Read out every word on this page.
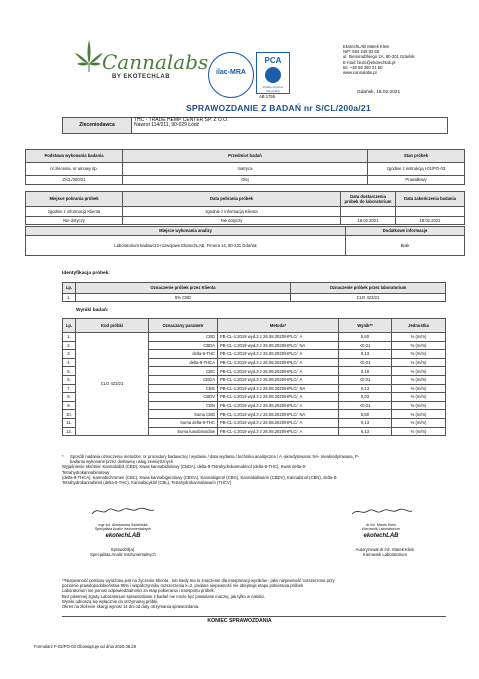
Cannalabs
BY EKOTECHLAB
ilac-MRA
PCA
Polskie Centrum Akredytacji
AB 1755
EkotechLAB Marek Klein
NIP: 584 245 93 68
ul. Siemiradzkiego 2A, 80-301 Gdańsk
E-mail: biuro@ekotechlab.pl
tel. +48 58 380 01 50
www.cannalabs.pl
Gdańsk, 18.02.2021
SPRAWOZDANIE Z BADAŃ nr S/CL/200a/21
Zleceniodawca	
THC - TRADE HEMP CENTER SP. Z O.O.
Nawrot 114/211, 90-029 Łódź
Podstawa wykonania badania	Przedmiot badań	Stan próbek
nr zlecenia, nr umowy itp.	matryca	zgodnie z instrukcją I-01/PO-03
Z/CL/200/21	Olej	Prawidłowy
Miejsce pobrania próbek	Data pobrania próbek	Data dostarczenia próbek do laboratorium	Data zakończenia badania
zgodnie z informacją Klienta	zgodnie z informacją Klienta		
Nie dotyczy	Nie dotyczy	18.02.2021	18.02.2021
Miejsce wykonania analizy	Dodatkowe informacje
Laboratorium badawczo-rozwojowe EkotechLAB, Firoera 14, 80-231 Gdańsk	Brak
Identyfikacja próbek:
Lp.	Oznaczenie próbek przez Klienta	Oznaczenie próbek przez laboratorium
1.	5% CBD	CLO 423/21
Wyniki badań:
Lp.	Kod próbki	Oznaczany parametr	Metoda*	Wynik**	Jednostka
1.	CLO 423/21	CBD	PB-CL-1:2019 wyd.3 z 26.08.2020/HPLC/ A	5,60	% (m/m)
2.		CBDA	PB-CL-1:2019 wyd.3 z 26.08.2020/HPLC/ NA	<0,01	% (m/m)
3.		delta-9-THC	PB-CL-1:2019 wyd.3 z 26.08.2020/HPLC/ A	0,13	% (m/m)
4.		delta-9-THCA	PB-CL-1:2019 wyd.3 z 26.08.2020/HPLC/ A	<0,01	% (m/m)
5.		CBC	PB-CL-1:2019 wyd.3 z 26.08.2020/HPLC/ A	0,19	% (m/m)
6.		CBGA	PB-CL-1:2019 wyd.3 z 26.08.2020/HPLC/ A	<0,01	% (m/m)
7.		CBG	PB-CL-1:2019 wyd.3 z 26.08.2020/HPLC/ NA	0,13	% (m/m)
8.		CBDV	PB-CL-1:2019 wyd.3 z 26.08.2020/HPLC/ A	0,03	% (m/m)
9.		CBN	PB-CL-1:2019 wyd.3 z 26.08.2020/HPLC/ A	<0,01	% (m/m)
10.		Suma CBD	PB-CL-1:2019 wyd.3 z 26.08.2020/HPLC/ NA	5,60	% (m/m)
11.		Suma delta-9-THC	PB-CL-1:2019 wyd.3 z 26.08.2020/HPLC/ A	0,13	% (m/m)
12.		Suma kanabinoidów	PB-CL-1:2019 wyd.3 z 26.08.2020/HPLC/ A	6,13	% (m/m)
*	Sposób nadania oznaczenia metodzie: nr procedury badawczej / wydanie / data wydania / technika analityczna / A -akredytowana; NA- nieakredytowana, P-
badania wykonane przez dostawcę usług zewnętrznych
Wyjaśnienie skrótów: Kannabidiol (CBD), Kwas kannabidiolowy (CBDA), delta-9-Tetrahydrokannabinol (delta-9-THC), Kwas delta-9-
Tetrahydrokannabinolowy
(delta-9-THCA), Kannabichromen (CBC), Kwas kannabigerolowy (CBGA), Kannabigerol (CBG), Kannabidiwarin (CBDV), Kannabinol (CBN), delta-8-
Tetrahydrokannabinol (delta-8-THC), Kannabicyklol (CBL), Tetrahydrokannabiwarin (THCV)
mgr inż. Aleksandra Sadzińska
Specjalista Analiz Instrumentalnych
ekotechLAB
Sprawdził(a):
Specjalista Analiz Instrumentalnych
dr inż. Marek Klein
Kierownik Laboratorium
ekotechLAB
Autoryzował dr inż. Marek Klein
Kierownik Laboratorium
**Niepewność pomiaru wyrażona jest na życzenie Klienta , tub kiedy ma to znaczenie dla interpretacji wyników - jako niepewność rozszerzona przy
poziomie prawdopodobieństwa 95% i współczynniku rozszerzenia k=2, podana niepewność nie obejmuje etapu pobierania próbek
Laboratorium nie ponosi odpowiedzialności za etap pobierania i transportu próbek.
Bez pisemnej zgody Laboratorium sprawozdanie z badań nie może być powielane inaczej, jak tylko w całości.
Wyniki odnoszą się wyłącznie do otrzymanej próbki.
Okres na złożenie skargi wynosi 14 dni od daty otrzymania sprawozdania.
KONIEC SPRAWOZDANIA
Formularz F-02/PO-03 Obowiązuje od dnia 2020.08.28
